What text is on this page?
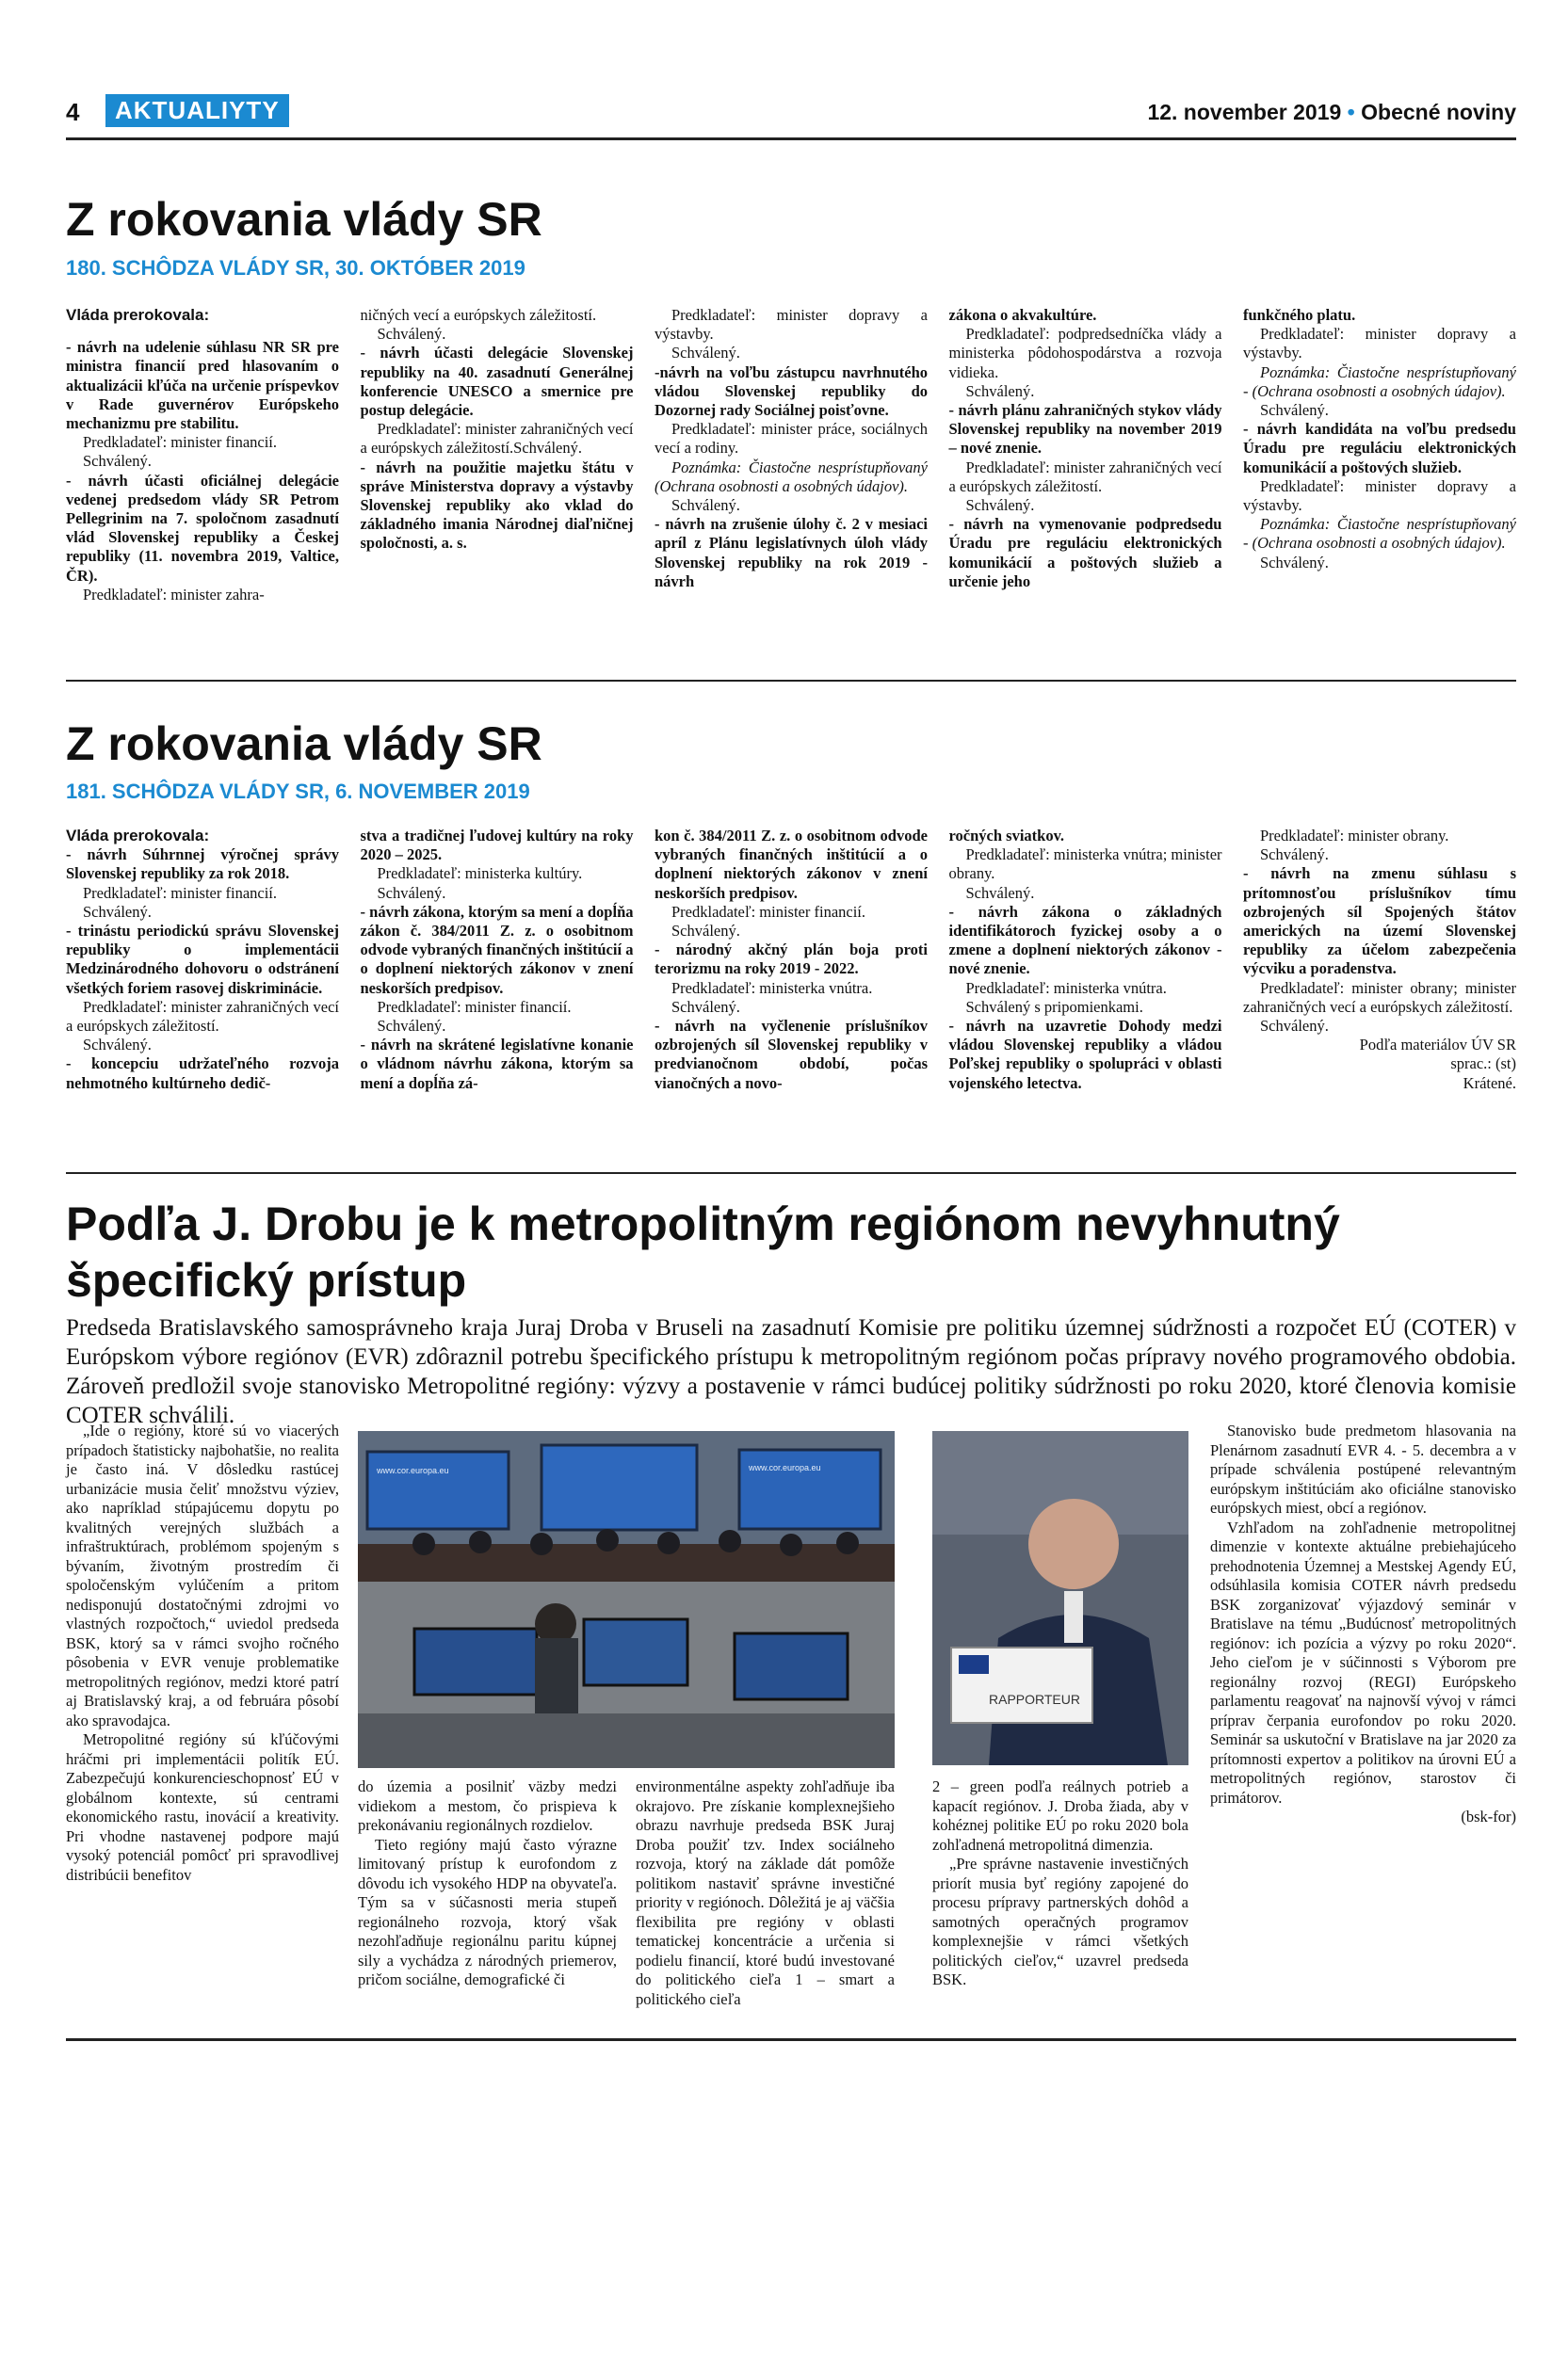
4	AKTUALIYTY	12. november 2019 • Obecné noviny
Z rokovania vlády SR
180. SCHÔDZA VLÁDY SR, 30. OKTÓBER 2019

Vláda prerokovala:

- návrh na udelenie súhlasu NR SR pre ministra financií pred hlasovaním o aktualizácii kľúča na určenie príspevkov v Rade guvernérov Európskeho mechanizmu pre stabilitu.

Predkladateľ: minister financií.

Schválený.

- návrh účasti oficiálnej delegácie vedenej predsedom vlády SR Petrom Pellegrinim na 7. spoločnom zasadnutí vlád Slovenskej republiky a Českej republiky (11. novembra 2019, Valtice, ČR).

Predkladateľ: minister zahra-

ničných vecí a európskych záležitostí.

Schválený.

- návrh účasti delegácie Slovenskej republiky na 40. zasadnutí Generálnej konferencie UNESCO a smernice pre postup delegácie.

Predkladateľ: minister zahraničných vecí a európskych záležitostí.Schválený.

- návrh na použitie majetku štátu v správe Ministerstva dopravy a výstavby Slovenskej republiky ako vklad do základného imania Národnej diaľničnej spoločnosti, a. s.

Predkladateľ: minister dopravy a výstavby.

Schválený.

-návrh na voľbu zástupcu navrhnutého vládou Slovenskej republiky do Dozornej rady Sociálnej poisťovne.

Predkladateľ: minister práce, sociálnych vecí a rodiny.

Poznámka: Čiastočne nesprístupňovaný (Ochrana osobnosti a osobných údajov).

Schválený.

- návrh na zrušenie úlohy č. 2 v mesiaci apríl z Plánu legislatívnych úloh vlády Slovenskej republiky na rok 2019 - návrh

zákona o akvakultúre.

Predkladateľ: podpredsedníčka vlády a ministerka pôdohospodárstva a rozvoja vidieka.

Schválený.

- návrh plánu zahraničných stykov vlády Slovenskej republiky na november 2019 – nové znenie.

Predkladateľ: minister zahraničných vecí a európskych záležitostí.

Schválený.

- návrh na vymenovanie podpredsedu Úradu pre reguláciu elektronických komunikácií a poštových služieb a určenie jeho

funkčného platu.

Predkladateľ: minister dopravy a výstavby.

Poznámka: Čiastočne nesprístupňovaný - (Ochrana osobnosti a osobných údajov).

Schválený.

- návrh kandidáta na voľbu predsedu Úradu pre reguláciu elektronických komunikácií a poštových služieb.

Predkladateľ: minister dopravy a výstavby.

Poznámka: Čiastočne nesprístupňovaný - (Ochrana osobnosti a osobných údajov).

Schválený.

Z rokovania vlády SR
181. SCHÔDZA VLÁDY SR, 6. NOVEMBER 2019

Vláda prerokovala:

- návrh Súhrnnej výročnej správy Slovenskej republiky za rok 2018.

Predkladateľ: minister financií.

Schválený.

- trinástu periodickú správu Slovenskej republiky o implementácii Medzinárodného dohovoru o odstránení všetkých foriem rasovej diskriminácie.

Predkladateľ: minister zahraničných vecí a európskych záležitostí.

Schválený.

- koncepciu udržateľného rozvoja nehmotného kultúrneho dedič-

stva a tradičnej ľudovej kultúry na roky 2020 – 2025.

Predkladateľ: ministerka kultúry.

Schválený.

- návrh zákona, ktorým sa mení a dopĺňa zákon č. 384/2011 Z. z. o osobitnom odvode vybraných finančných inštitúcií a o doplnení niektorých zákonov v znení neskorších predpisov.

Predkladateľ: minister financií.

Schválený.

- návrh na skrátené legislatívne konanie o vládnom návrhu zákona, ktorým sa mení a dopĺňa zá-

kon č. 384/2011 Z. z. o osobitnom odvode vybraných finančných inštitúcií a o doplnení niektorých zákonov v znení neskorších predpisov.

Predkladateľ: minister financií.

Schválený.

- národný akčný plán boja proti terorizmu na roky 2019 - 2022.

Predkladateľ: ministerka vnútra.

Schválený.

- návrh na vyčlenenie príslušníkov ozbrojených síl Slovenskej republiky v predvianočnom období, počas vianočných a novo-

ročných sviatkov.

Predkladateľ: ministerka vnútra; minister obrany.

Schválený.

- návrh zákona o základných identifikátoroch fyzickej osoby a o zmene a doplnení niektorých zákonov - nové znenie.

Predkladateľ: ministerka vnútra.

Schválený s pripomienkami.

- návrh na uzavretie Dohody medzi vládou Slovenskej republiky a vládou Poľskej republiky o spolupráci v oblasti vojenského letectva.

Predkladateľ: minister obrany.

Schválený.

- návrh na zmenu súhlasu s prítomnosťou príslušníkov tímu ozbrojených síl Spojených štátov amerických na území Slovenskej republiky za účelom zabezpečenia výcviku a poradenstva.

Predkladateľ: minister obrany; minister zahraničných vecí a európskych záležitostí.

Schválený.

Podľa materiálov ÚV SR

sprac.: (st)

Krátené.

Podľa J. Drobu je k metropolitným regiónom nevyhnutný špecifický prístup
Predseda Bratislavského samosprávneho kraja Juraj Droba v Bruseli na zasadnutí Komisie pre politiku územnej súdržnosti a rozpočet EÚ (COTER) v Európskom výbore regiónov (EVR) zdôraznil potrebu špecifického prístupu k metropolitným regiónom počas prípravy nového programového obdobia. Zároveň predložil svoje stanovisko Metropolitné regióny: výzvy a postavenie v rámci budúcej politiky súdržnosti po roku 2020, ktoré členovia komisie COTER schválili.

„Ide o regióny, ktoré sú vo viacerých prípadoch štatisticky najbohatšie, no realita je často iná. V dôsledku rastúcej urbanizácie musia čeliť množstvu výziev, ako napríklad stúpajúcemu dopytu po kvalitných verejných službách a infraštruktúrach, problémom spojeným s bývaním, životným prostredím či spoločenským vylúčením a pritom nedisponujú dostatočnými zdrojmi vo vlastných rozpočtoch,“ uviedol predseda BSK, ktorý sa v rámci svojho ročného pôsobenia v EVR venuje problematike metropolitných regiónov, medzi ktoré patrí aj Bratislavský kraj, a od februára pôsobí ako spravodajca.

Metropolitné regióny sú kľúčovými hráčmi pri implementácii politík EÚ. Zabezpečujú konkurencieschopnosť EÚ v globálnom kontexte, sú centrami ekonomického rastu, inovácií a kreativity. Pri vhodne nastavenej podpore majú vysoký potenciál pomôcť pri spravodlivej distribúcii benefitov

www.cor.europa.eu	www.cor.europa.eu
RAPPORTEUR

do územia a posilniť väzby medzi vidiekom a mestom, čo prispieva k prekonávaniu regionálnych rozdielov.

Tieto regióny majú často výrazne limitovaný prístup k eurofondom z dôvodu ich vysokého HDP na obyvateľa. Tým sa v súčasnosti meria stupeň regionálneho rozvoja, ktorý však nezohľadňuje regionálnu paritu kúpnej sily a vychádza z národných priemerov, pričom sociálne, demografické či

environmentálne aspekty zohľadňuje iba okrajovo. Pre získanie komplexnejšieho obrazu navrhuje predseda BSK Juraj Droba použiť tzv. Index sociálneho rozvoja, ktorý na základe dát pomôže politikom nastaviť správne investičné priority v regiónoch. Dôležitá je aj väčšia flexibilita pre regióny v oblasti tematickej koncentrácie a určenia si podielu financií, ktoré budú investované do politického cieľa 1 – smart a politického cieľa

2 – green podľa reálnych potrieb a kapacít regiónov. J. Droba žiada, aby v kohéznej politike EÚ po roku 2020 bola zohľadnená metropolitná dimenzia.

„Pre správne nastavenie investičných priorít musia byť regióny zapojené do procesu prípravy partnerských dohôd a samotných operačných programov komplexnejšie v rámci všetkých politických cieľov,“ uzavrel predseda BSK.

Stanovisko bude predmetom hlasovania na Plenárnom zasadnutí EVR 4. - 5. decembra a v prípade schválenia postúpené relevantným európskym inštitúciám ako oficiálne stanovisko európskych miest, obcí a regiónov.

Vzhľadom na zohľadnenie metropolitnej dimenzie v kontexte aktuálne prebiehajúceho prehodnotenia Územnej a Mestskej Agendy EÚ, odsúhlasila komisia COTER návrh predsedu BSK zorganizovať výjazdový seminár v Bratislave na tému „Budúcnosť metropolitných regiónov: ich pozícia a výzvy po roku 2020“. Jeho cieľom je v súčinnosti s Výborom pre regionálny rozvoj (REGI) Európskeho parlamentu reagovať na najnovší vývoj v rámci príprav čerpania eurofondov po roku 2020. Seminár sa uskutoční v Bratislave na jar 2020 za prítomnosti expertov a politikov na úrovni EÚ a metropolitných regiónov, starostov či primátorov.

(bsk-for)
